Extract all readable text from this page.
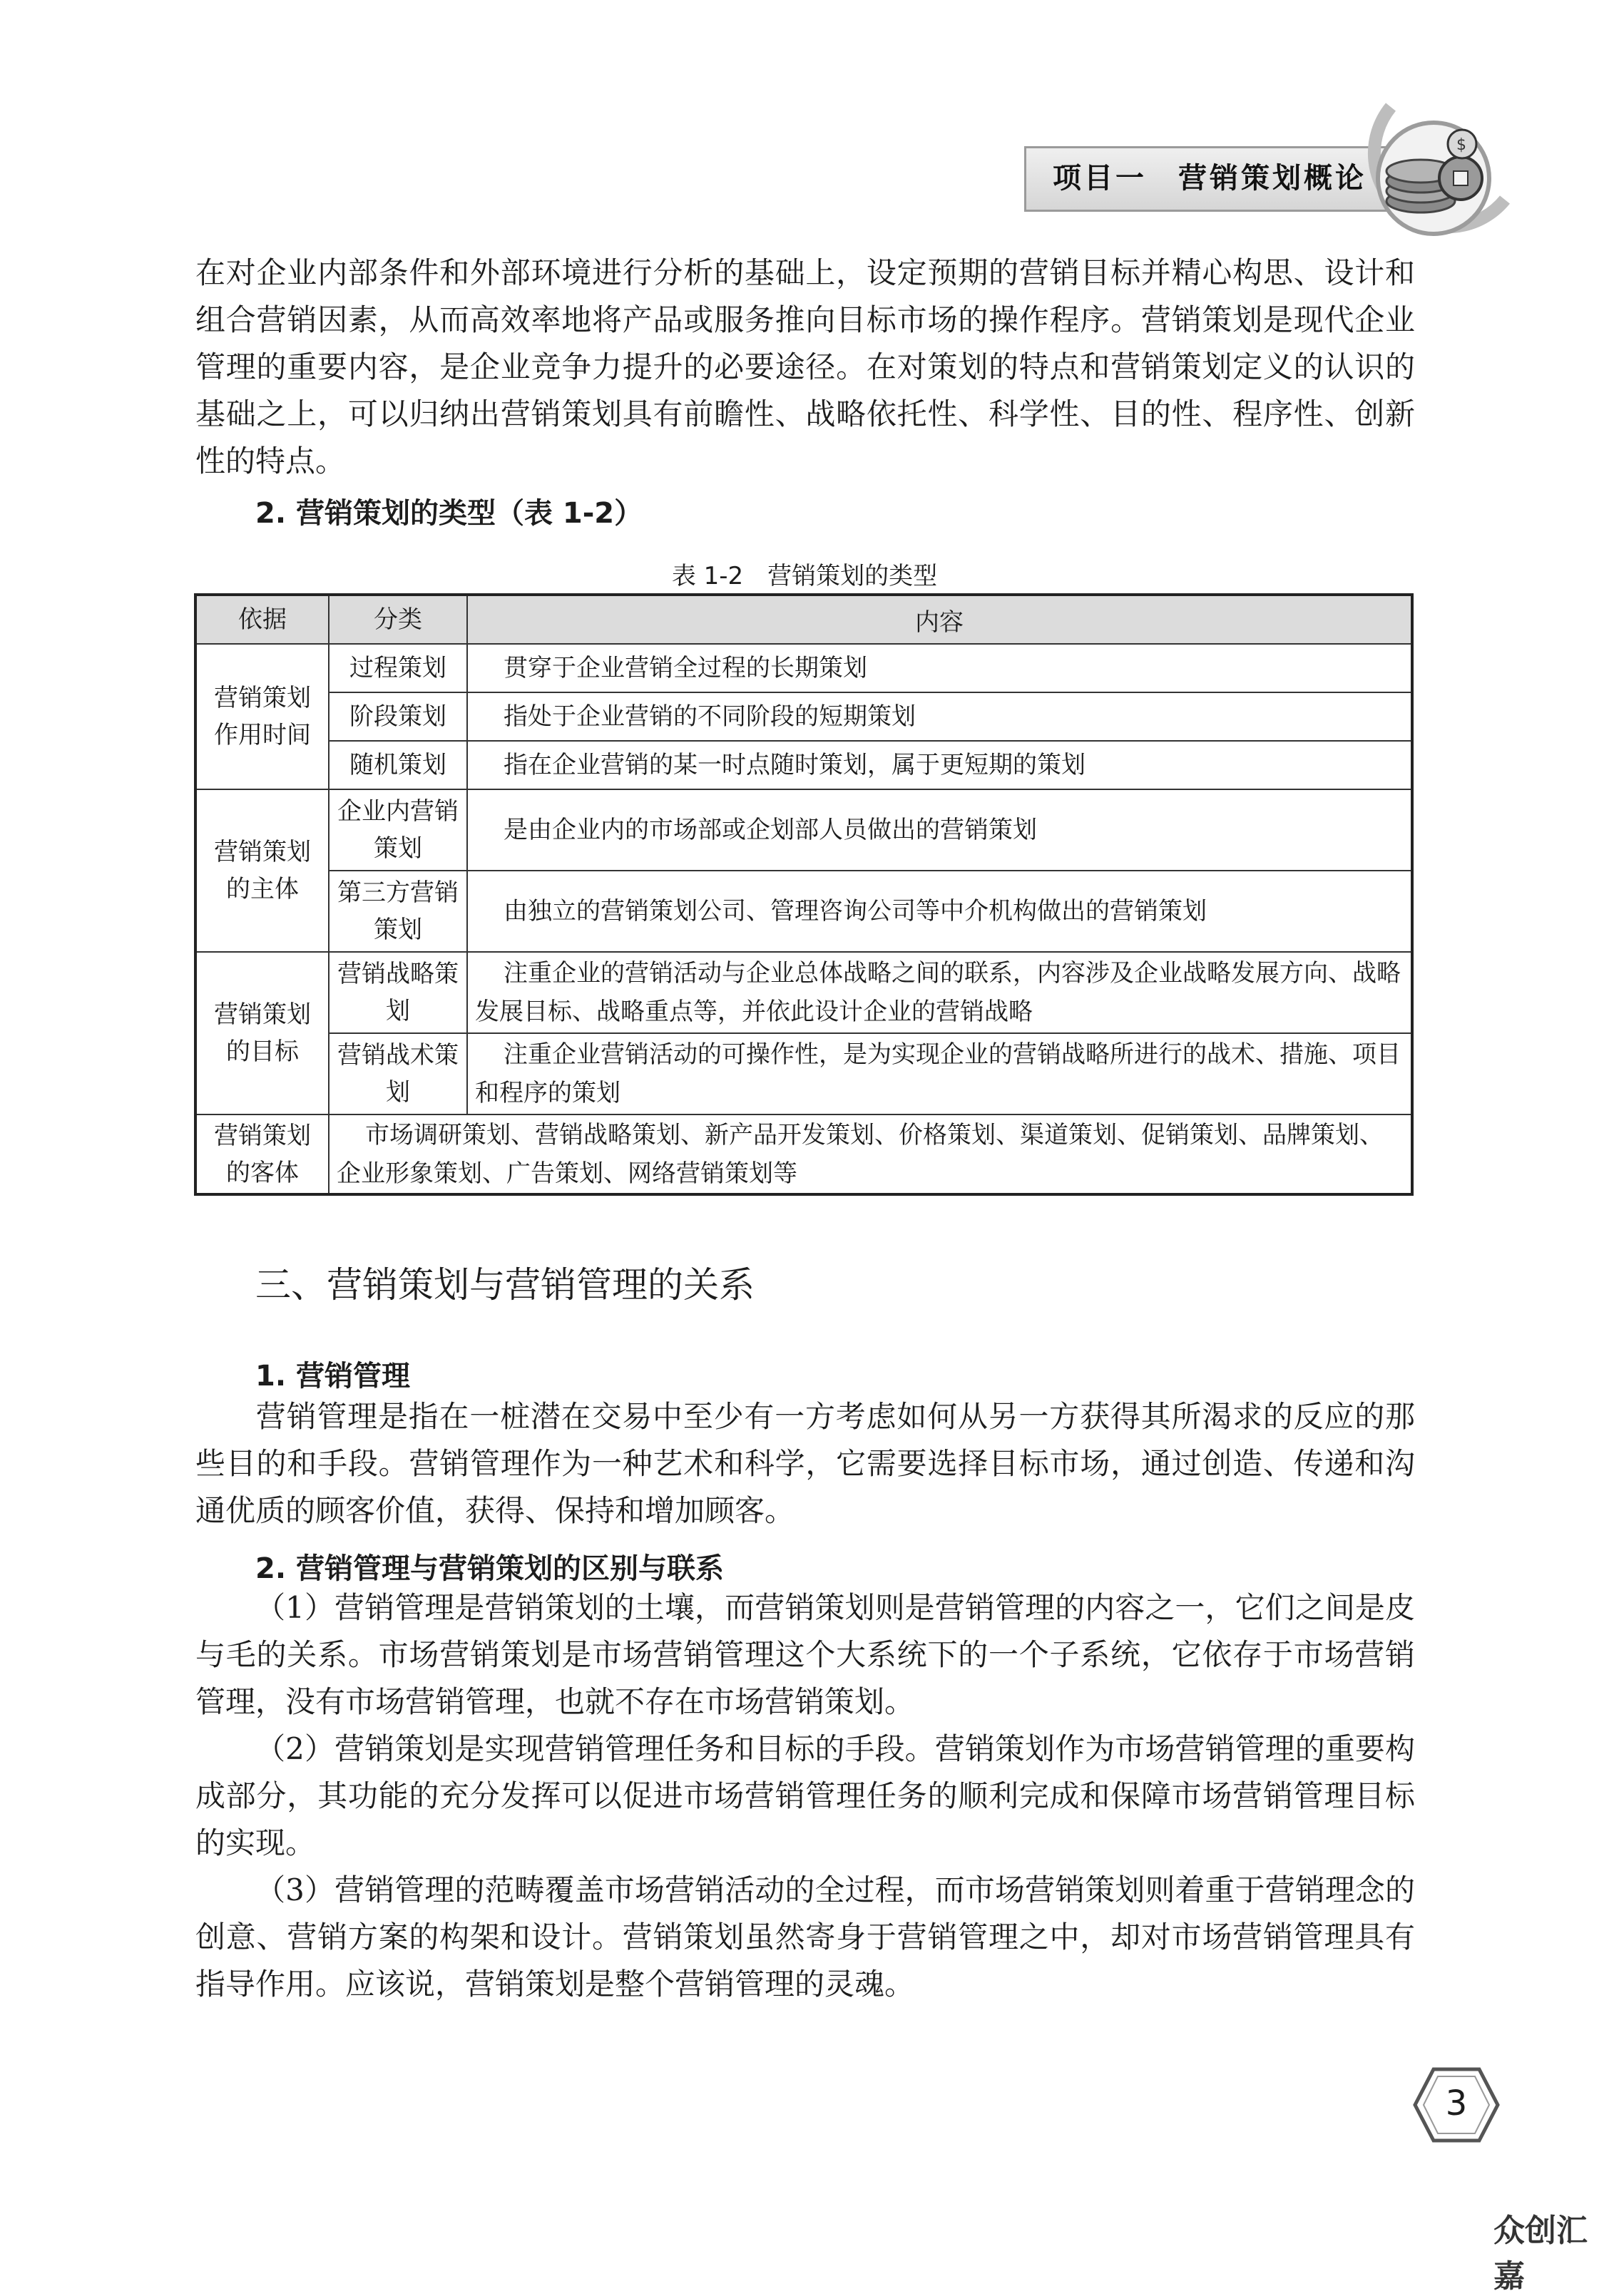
项目一　营销策划概论
$

在对企业内部条件和外部环境进行分析的基础上，设定预期的营销目标并精心构思、设计和组合营销因素，从而高效率地将产品或服务推向目标市场的操作程序。营销策划是现代企业管理的重要内容，是企业竞争力提升的必要途径。在对策划的特点和营销策划定义的认识的基础之上，可以归纳出营销策划具有前瞻性、战略依托性、科学性、目的性、程序性、创新性的特点。

2. 营销策划的类型（表 1-2）
表 1-2　营销策划的类型
依据	分类	内容
营销策划作用时间	过程策划	贯穿于企业营销全过程的长期策划
	阶段策划	指处于企业营销的不同阶段的短期策划
	随机策划	指在企业营销的某一时点随时策划，属于更短期的策划
营销策划的主体	企业内营销策划	是由企业内的市场部或企划部人员做出的营销策划
	第三方营销策划	由独立的营销策划公司、管理咨询公司等中介机构做出的营销策划
营销策划的目标	营销战略策划	注重企业的营销活动与企业总体战略之间的联系，内容涉及企业战略发展方向、战略发展目标、战略重点等，并依此设计企业的营销战略
	营销战术策划	注重企业营销活动的可操作性，是为实现企业的营销战略所进行的战术、措施、项目和程序的策划
营销策划的客体	市场调研策划、营销战略策划、新产品开发策划、价格策划、渠道策划、促销策划、品牌策划、企业形象策划、广告策划、网络营销策划等	
三、营销策划与营销管理的关系
1. 营销管理

营销管理是指在一桩潜在交易中至少有一方考虑如何从另一方获得其所渴求的反应的那些目的和手段。营销管理作为一种艺术和科学，它需要选择目标市场，通过创造、传递和沟通优质的顾客价值，获得、保持和增加顾客。

2. 营销管理与营销策划的区别与联系

（1）营销管理是营销策划的土壤，而营销策划则是营销管理的内容之一，它们之间是皮与毛的关系。市场营销策划是市场营销管理这个大系统下的一个子系统，它依存于市场营销管理，没有市场营销管理，也就不存在市场营销策划。

（2）营销策划是实现营销管理任务和目标的手段。营销策划作为市场营销管理的重要构成部分，其功能的充分发挥可以促进市场营销管理任务的顺利完成和保障市场营销管理目标的实现。

（3）营销管理的范畴覆盖市场营销活动的全过程，而市场营销策划则着重于营销理念的创意、营销方案的构架和设计。营销策划虽然寄身于营销管理之中，却对市场营销管理具有指导作用。应该说，营销策划是整个营销管理的灵魂。

3
众创汇嘉
